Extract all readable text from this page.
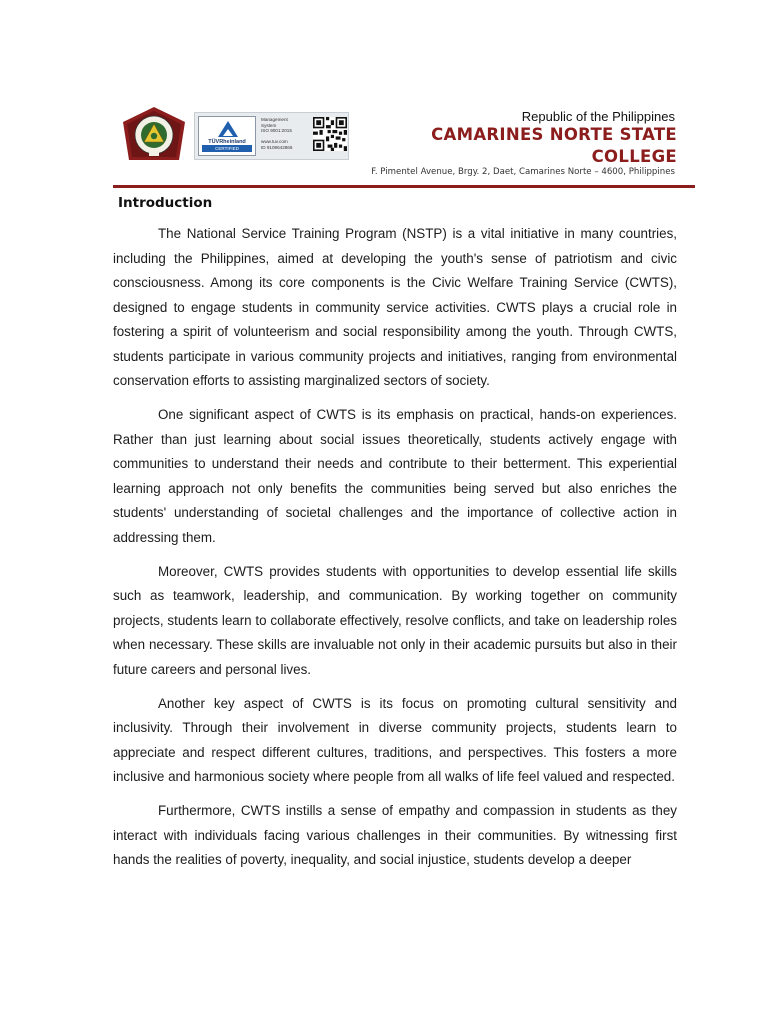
TÜVRheinland
CERTIFIED
Management
System
ISO 9001:2015

www.tuv.com
ID 9108642866
Republic of the Philippines
CAMARINES NORTE STATE
COLLEGE
F. Pimentel Avenue, Brgy. 2, Daet, Camarines Norte – 4600, Philippines
Introduction

The National Service Training Program (NSTP) is a vital initiative in many countries, including the Philippines, aimed at developing the youth's sense of patriotism and civic consciousness. Among its core components is the Civic Welfare Training Service (CWTS), designed to engage students in community service activities. CWTS plays a crucial role in fostering a spirit of volunteerism and social responsibility among the youth. Through CWTS, students participate in various community projects and initiatives, ranging from environmental conservation efforts to assisting marginalized sectors of society.

One significant aspect of CWTS is its emphasis on practical, hands-on experiences. Rather than just learning about social issues theoretically, students actively engage with communities to understand their needs and contribute to their betterment. This experiential learning approach not only benefits the communities being served but also enriches the students' understanding of societal challenges and the importance of collective action in addressing them.

Moreover, CWTS provides students with opportunities to develop essential life skills such as teamwork, leadership, and communication. By working together on community projects, students learn to collaborate effectively, resolve conflicts, and take on leadership roles when necessary. These skills are invaluable not only in their academic pursuits but also in their future careers and personal lives.

Another key aspect of CWTS is its focus on promoting cultural sensitivity and inclusivity. Through their involvement in diverse community projects, students learn to appreciate and respect different cultures, traditions, and perspectives. This fosters a more inclusive and harmonious society where people from all walks of life feel valued and respected.

Furthermore, CWTS instills a sense of empathy and compassion in students as they interact with individuals facing various challenges in their communities. By witnessing first hands the realities of poverty, inequality, and social injustice, students develop a deeper
